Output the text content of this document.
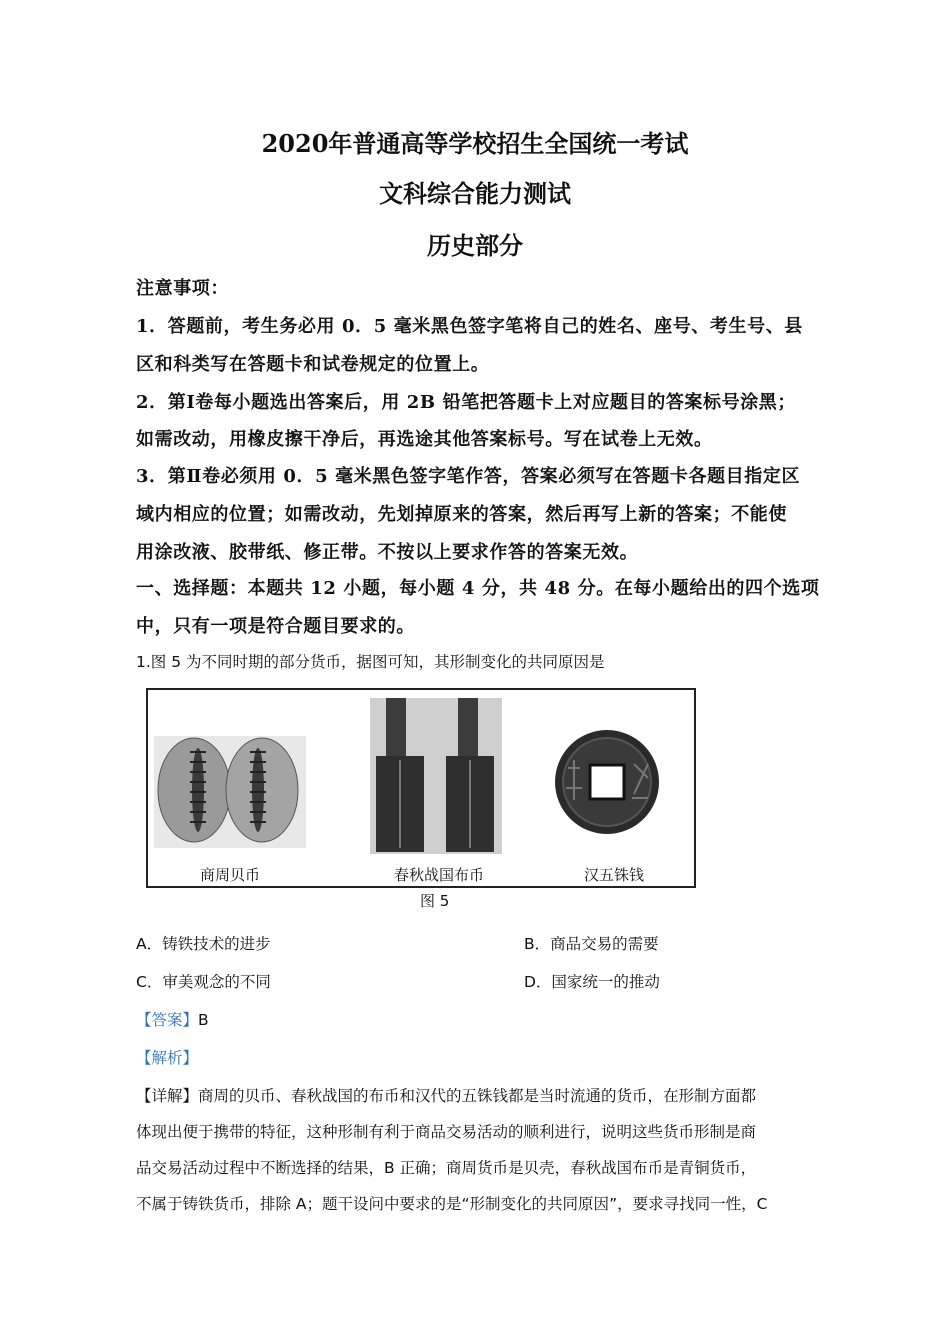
2020年普通高等学校招生全国统一考试
文科综合能力测试
历史部分
注意事项：
1．答题前，考生务必用 0．5 毫米黑色签字笔将自己的姓名、座号、考生号、县
区和科类写在答题卡和试卷规定的位置上。
2．第Ⅰ卷每小题选出答案后，用 2B 铅笔把答题卡上对应题目的答案标号涂黑；
如需改动，用橡皮擦干净后，再选途其他答案标号。写在试卷上无效。
3．第Ⅱ卷必须用 0．5 毫米黑色签字笔作答，答案必须写在答题卡各题目指定区
域内相应的位置；如需改动，先划掉原来的答案，然后再写上新的答案；不能使
用涂改液、胶带纸、修正带。不按以上要求作答的答案无效。
一、选择题：本题共 12 小题，每小题 4 分，共 48 分。在每小题给出的四个选项
中，只有一项是符合题目要求的。
1.图 5 为不同时期的部分货币，据图可知，其形制变化的共同原因是
商周贝币	春秋战国布币	汉五铢钱
图 5
A．铸铁技术的进步	B．商品交易的需要
C．审美观念的不同	D．国家统一的推动
【答案】B
【解析】
【详解】商周的贝币、春秋战国的布币和汉代的五铢钱都是当时流通的货币，在形制方面都
体现出便于携带的特征，这种形制有利于商品交易活动的顺利进行，说明这些货币形制是商
品交易活动过程中不断选择的结果，B 正确；商周货币是贝壳，春秋战国布币是青铜货币，
不属于铸铁货币，排除 A；题干设问中要求的是“形制变化的共同原因”，要求寻找同一性，C
